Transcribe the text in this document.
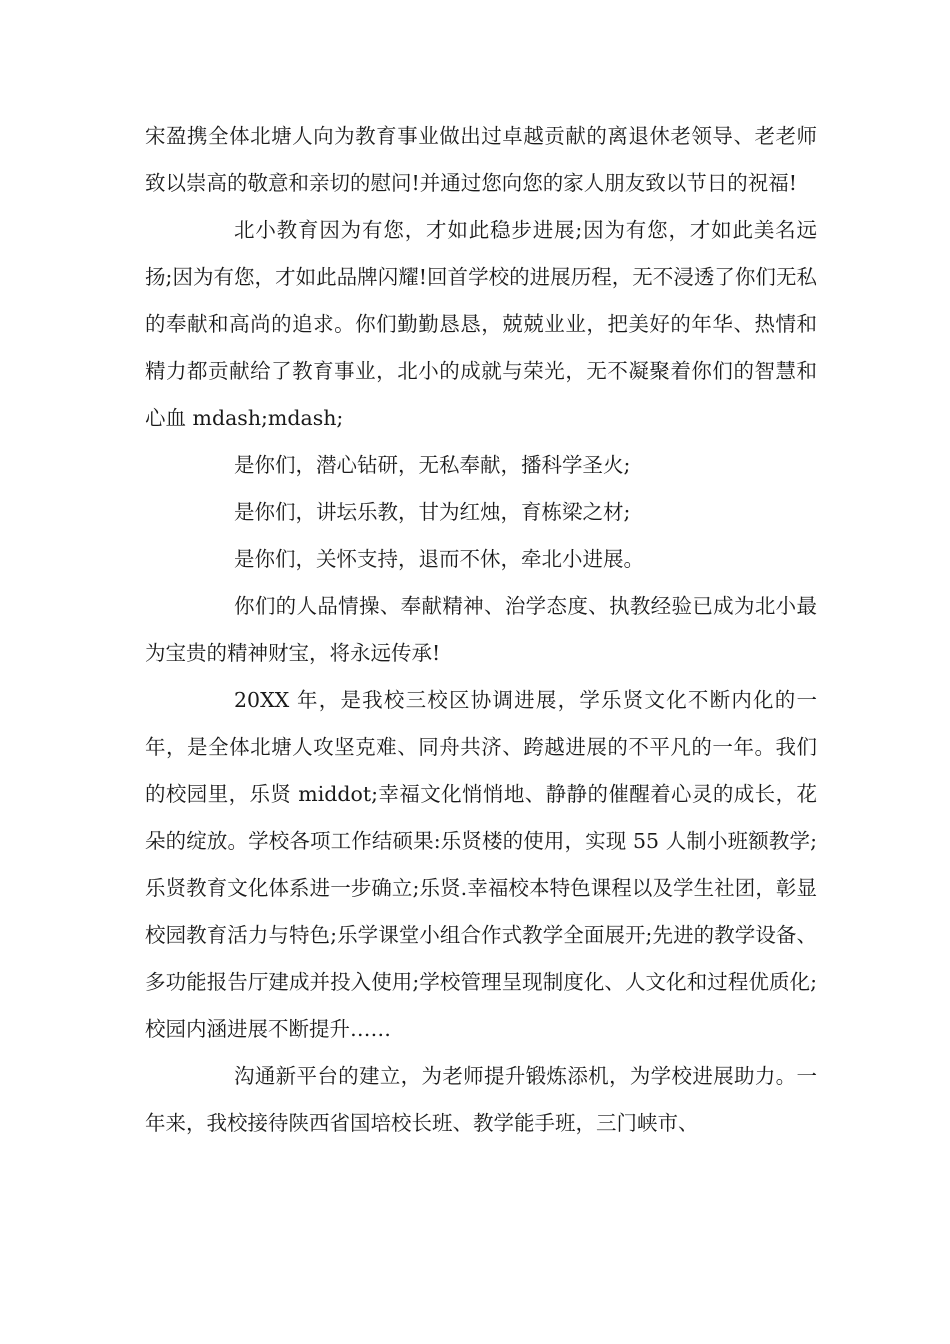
宋盈携全体北塘人向为教育事业做出过卓越贡献的离退休老领导、老老师致以崇高的敬意和亲切的慰问!并通过您向您的家人朋友致以节日的祝福!

北小教育因为有您，才如此稳步进展;因为有您，才如此美名远扬;因为有您，才如此品牌闪耀!回首学校的进展历程，无不浸透了你们无私的奉献和高尚的追求。你们勤勤恳恳，兢兢业业，把美好的年华、热情和精力都贡献给了教育事业，北小的成就与荣光，无不凝聚着你们的智慧和心血 mdash;mdash;

是你们，潜心钻研，无私奉献，播科学圣火;

是你们，讲坛乐教，甘为红烛，育栋梁之材;

是你们，关怀支持，退而不休，牵北小进展。

你们的人品情操、奉献精神、治学态度、执教经验已成为北小最为宝贵的精神财宝，将永远传承!

20XX 年，是我校三校区协调进展，学乐贤文化不断内化的一年，是全体北塘人攻坚克难、同舟共济、跨越进展的不平凡的一年。我们的校园里，乐贤 middot;幸福文化悄悄地、静静的催醒着心灵的成长，花朵的绽放。学校各项工作结硕果:乐贤楼的使用，实现 55 人制小班额教学;乐贤教育文化体系进一步确立;乐贤.幸福校本特色课程以及学生社团，彰显校园教育活力与特色;乐学课堂小组合作式教学全面展开;先进的教学设备、多功能报告厅建成并投入使用;学校管理呈现制度化、人文化和过程优质化;校园内涵进展不断提升……

沟通新平台的建立，为老师提升锻炼添机，为学校进展助力。一年来，我校接待陕西省国培校长班、教学能手班，三门峡市、
